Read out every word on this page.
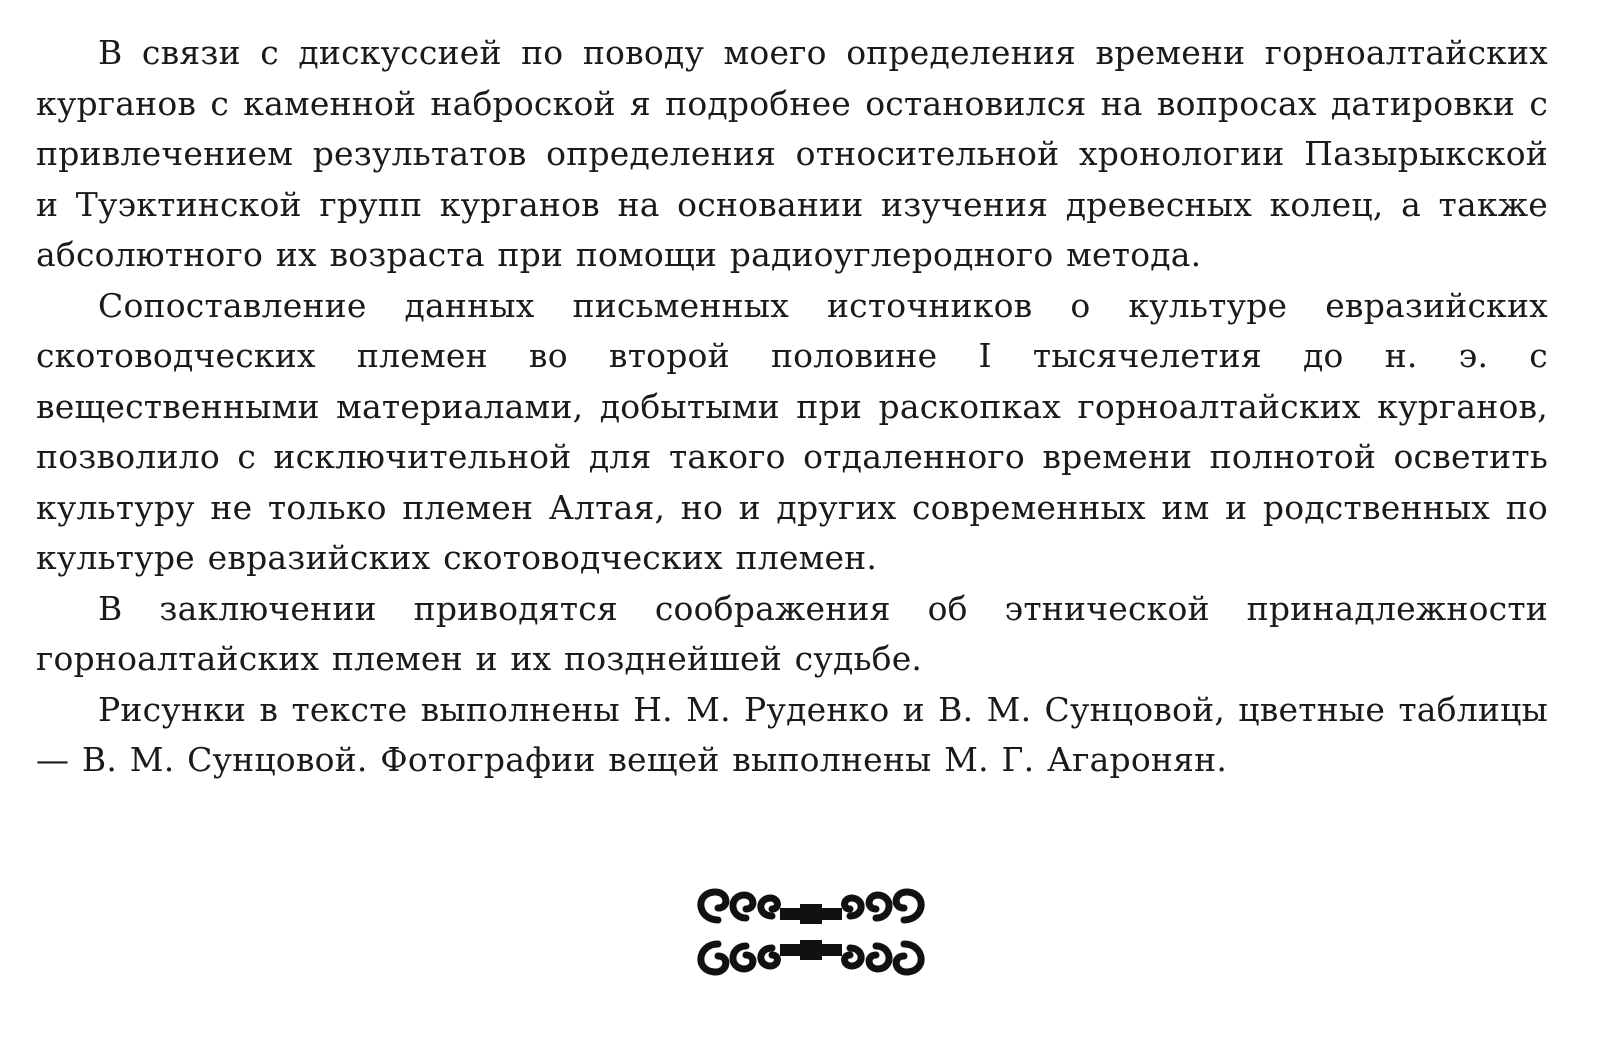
В связи с дискуссией по поводу моего определения времени горноалтайских курганов с каменной наброской я подробнее остановился на вопросах датировки с привлечением результатов определения относительной хронологии Пазырыкской и Туэктинской групп курганов на основании изучения древесных колец, а также абсолютного их возраста при помощи радиоуглеродного метода.

Сопоставление данных письменных источников о культуре евразийских скотоводческих племен во второй половине I тысячелетия до н. э. с вещественными материалами, добытыми при раскопках горноалтайских курганов, позволило с исключительной для такого отдаленного времени полнотой осветить культуру не только племен Алтая, но и других современных им и родственных по культуре евразийских скотоводческих племен.

В заключении приводятся соображения об этнической принадлежности горноалтайских племен и их позднейшей судьбе.

Рисунки в тексте выполнены Н. М. Руденко и В. М. Сунцовой, цветные таблицы — В. М. Сунцовой. Фотографии вещей выполнены М. Г. Агаронян.
